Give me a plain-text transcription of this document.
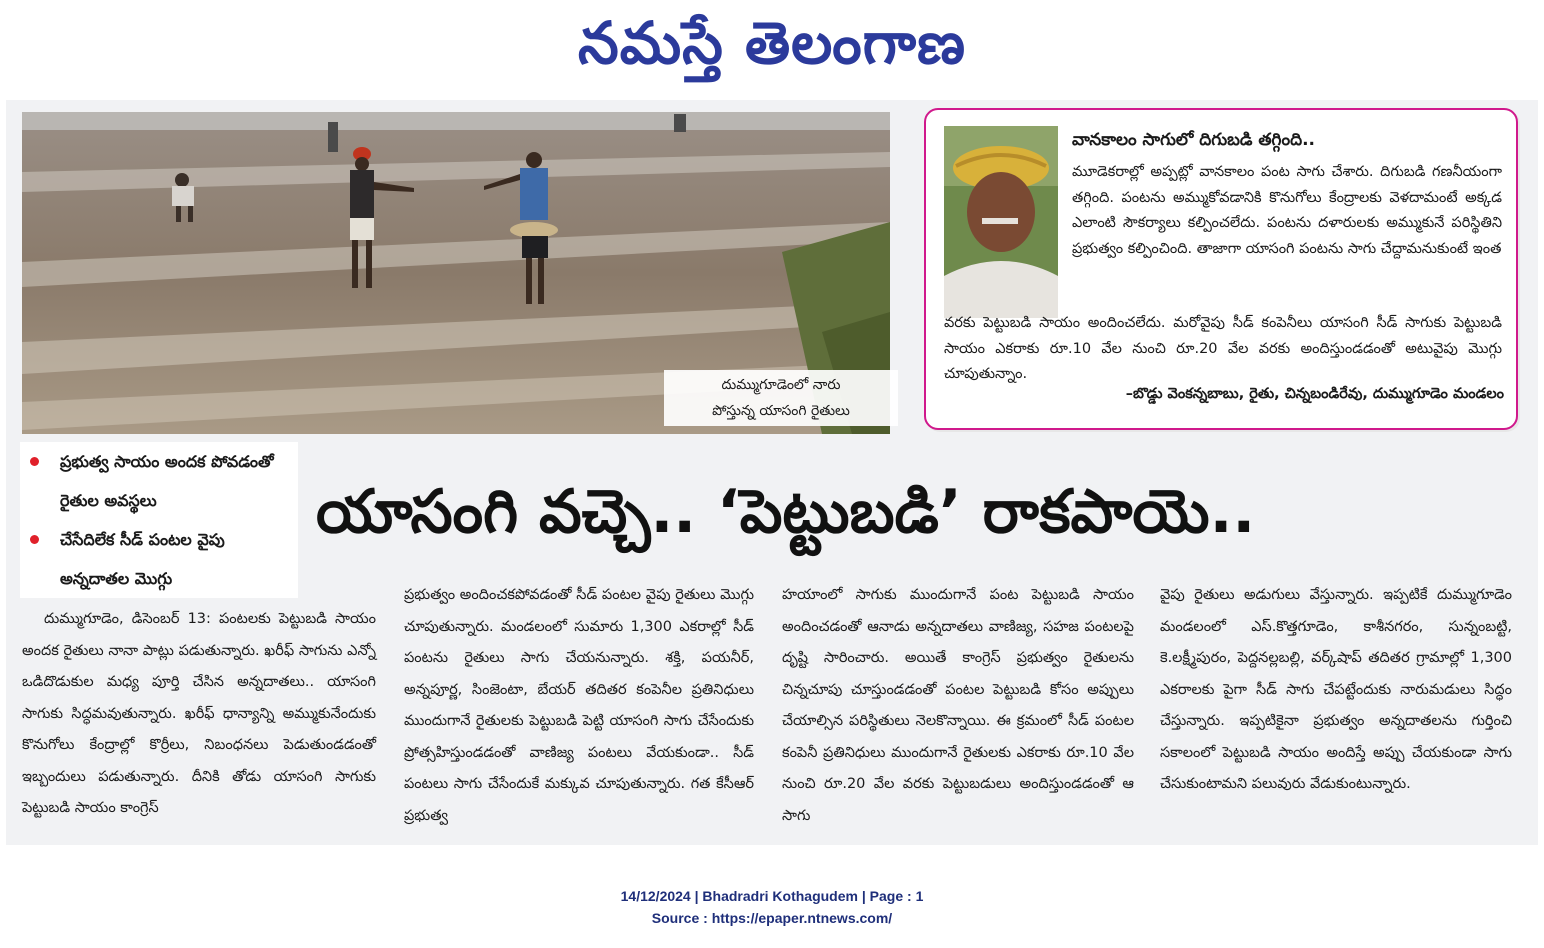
నమస్తే తెలంగాణ
దుమ్ముగూడెంలో నారు
పోస్తున్న యాసంగి రైతులు
వానకాలం సాగులో దిగుబడి తగ్గింది..
మూడెకరాల్లో అప్పట్లో వానకాలం పంట సాగు చేశారు. దిగుబడి గణనీయంగా తగ్గింది. పంటను అమ్ముకోవడానికి కొనుగోలు కేంద్రాలకు వెళదామంటే అక్కడ ఎలాంటి సౌకర్యాలు కల్పించలేదు. పంటను దళారులకు అమ్ముకునే పరిస్థితిని ప్రభుత్వం కల్పించింది. తాజాగా యాసంగి పంటను సాగు చేద్దామనుకుంటే ఇంత
వరకు పెట్టుబడి సాయం అందించలేదు. మరోవైపు సీడ్ కంపెనీలు యాసంగి సీడ్ సాగుకు పెట్టుబడి సాయం ఎకరాకు రూ.10 వేల నుంచి రూ.20 వేల వరకు అందిస్తుండడంతో అటువైపు మొగ్గు చూపుతున్నాం.
–బొడ్డు వెంకన్నబాబు, రైతు, చిన్నబండిరేవు, దుమ్ముగూడెం మండలం
ప్రభుత్వ సాయం అందక పోవడంతో రైతుల అవస్థలు
చేసేదిలేక సీడ్ పంటల వైపు అన్నదాతల మొగ్గు
యాసంగి వచ్చె.. ‘పెట్టుబడి’ రాకపాయె..
దుమ్ముగూడెం, డిసెంబర్ 13: పంటలకు పెట్టుబడి సాయం అందక రైతులు నానా పాట్లు పడుతున్నారు. ఖరీఫ్ సాగును ఎన్నో ఒడిదొడుకుల మధ్య పూర్తి చేసిన అన్నదాతలు.. యాసంగి సాగుకు సిద్ధమవుతున్నారు. ఖరీఫ్ ధాన్యాన్ని అమ్ముకునేందుకు కొనుగోలు కేంద్రాల్లో కొర్రీలు, నిబంధనలు పెడుతుండడంతో ఇబ్బందులు పడుతున్నారు. దీనికి తోడు యాసంగి సాగుకు పెట్టుబడి సాయం కాంగ్రెస్
ప్రభుత్వం అందించకపోవడంతో సీడ్ పంటల వైపు రైతులు మొగ్గు చూపుతున్నారు. మండలంలో సుమారు 1,300 ఎకరాల్లో సీడ్ పంటను రైతులు సాగు చేయనున్నారు. శక్తి, పయనీర్, అన్నపూర్ణ, సింజెంటా, బేయర్ తదితర కంపెనీల ప్రతినిధులు ముందుగానే రైతులకు పెట్టుబడి పెట్టి యాసంగి సాగు చేసేందుకు ప్రోత్సహిస్తుండడంతో వాణిజ్య పంటలు వేయకుండా.. సీడ్ పంటలు సాగు చేసేందుకే మక్కువ చూపుతున్నారు. గత కేసీఆర్ ప్రభుత్వ
హయాంలో సాగుకు ముందుగానే పంట పెట్టుబడి సాయం అందించడంతో ఆనాడు అన్నదాతలు వాణిజ్య, సహజ పంటలపై దృష్టి సారించారు. అయితే కాంగ్రెస్ ప్రభుత్వం రైతులను చిన్నచూపు చూస్తుండడంతో పంటల పెట్టుబడి కోసం అప్పులు చేయాల్సిన పరిస్థితులు నెలకొన్నాయి. ఈ క్రమంలో సీడ్ పంటల కంపెనీ ప్రతినిధులు ముందుగానే రైతులకు ఎకరాకు రూ.10 వేల నుంచి రూ.20 వేల వరకు పెట్టుబడులు అందిస్తుండడంతో ఆ సాగు
వైపు రైతులు అడుగులు వేస్తున్నారు. ఇప్పటికే దుమ్ముగూడెం మండలంలో ఎస్.కొత్తగూడెం, కాశీనగరం, సున్నంబట్టి, కె.లక్ష్మీపురం, పెద్దనల్లబల్లి, వర్క్‌షాప్ తదితర గ్రామాల్లో 1,300 ఎకరాలకు పైగా సీడ్ సాగు చేపట్టేందుకు నారుమడులు సిద్ధం చేస్తున్నారు. ఇప్పటికైనా ప్రభుత్వం అన్నదాతలను గుర్తించి సకాలంలో పెట్టుబడి సాయం అందిస్తే అప్పు చేయకుండా సాగు చేసుకుంటామని పలువురు వేడుకుంటున్నారు.
14/12/2024 | Bhadradri Kothagudem | Page : 1
Source : https://epaper.ntnews.com/
